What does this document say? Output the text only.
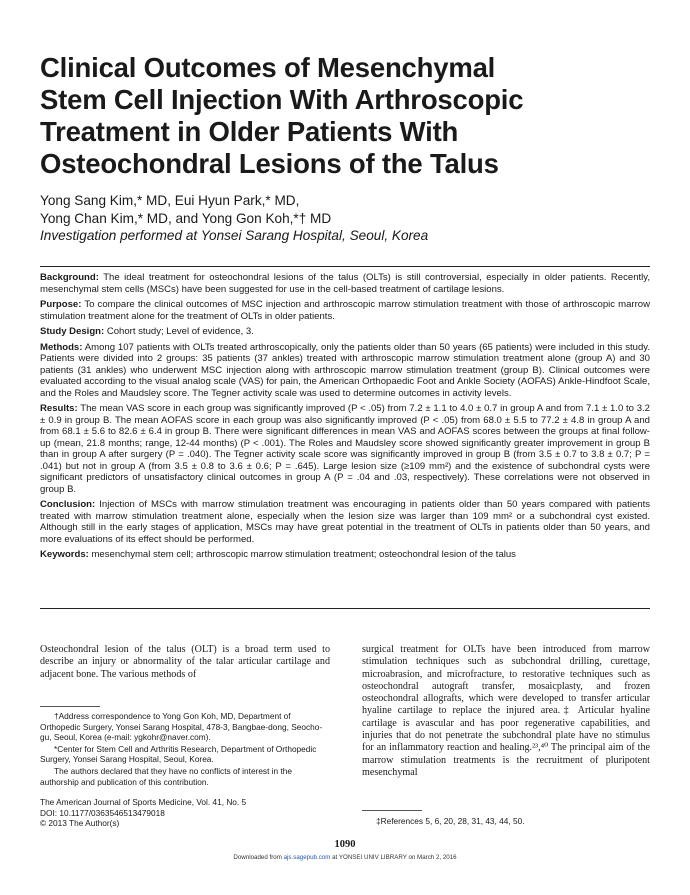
Clinical Outcomes of Mesenchymal
Stem Cell Injection With Arthroscopic
Treatment in Older Patients With
Osteochondral Lesions of the Talus
Yong Sang Kim,* MD, Eui Hyun Park,* MD,
Yong Chan Kim,* MD, and Yong Gon Koh,*† MD
Investigation performed at Yonsei Sarang Hospital, Seoul, Korea

Background: The ideal treatment for osteochondral lesions of the talus (OLTs) is still controversial, especially in older patients. Recently, mesenchymal stem cells (MSCs) have been suggested for use in the cell-based treatment of cartilage lesions.

Purpose: To compare the clinical outcomes of MSC injection and arthroscopic marrow stimulation treatment with those of arthroscopic marrow stimulation treatment alone for the treatment of OLTs in older patients.

Study Design: Cohort study; Level of evidence, 3.

Methods: Among 107 patients with OLTs treated arthroscopically, only the patients older than 50 years (65 patients) were included in this study. Patients were divided into 2 groups: 35 patients (37 ankles) treated with arthroscopic marrow stimulation treatment alone (group A) and 30 patients (31 ankles) who underwent MSC injection along with arthroscopic marrow stimulation treatment (group B). Clinical outcomes were evaluated according to the visual analog scale (VAS) for pain, the American Orthopaedic Foot and Ankle Society (AOFAS) Ankle-Hindfoot Scale, and the Roles and Maudsley score. The Tegner activity scale was used to determine outcomes in activity levels.

Results: The mean VAS score in each group was significantly improved (P < .05) from 7.2 ± 1.1 to 4.0 ± 0.7 in group A and from 7.1 ± 1.0 to 3.2 ± 0.9 in group B. The mean AOFAS score in each group was also significantly improved (P < .05) from 68.0 ± 5.5 to 77.2 ± 4.8 in group A and from 68.1 ± 5.6 to 82.6 ± 6.4 in group B. There were significant differences in mean VAS and AOFAS scores between the groups at final follow-up (mean, 21.8 months; range, 12-44 months) (P < .001). The Roles and Maudsley score showed significantly greater improvement in group B than in group A after surgery (P = .040). The Tegner activity scale score was significantly improved in group B (from 3.5 ± 0.7 to 3.8 ± 0.7; P = .041) but not in group A (from 3.5 ± 0.8 to 3.6 ± 0.6; P = .645). Large lesion size (≥109 mm²) and the existence of subchondral cysts were significant predictors of unsatisfactory clinical outcomes in group A (P = .04 and .03, respectively). These correlations were not observed in group B.

Conclusion: Injection of MSCs with marrow stimulation treatment was encouraging in patients older than 50 years compared with patients treated with marrow stimulation treatment alone, especially when the lesion size was larger than 109 mm² or a subchondral cyst existed. Although still in the early stages of application, MSCs may have great potential in the treatment of OLTs in patients older than 50 years, and more evaluations of its effect should be performed.

Keywords: mesenchymal stem cell; arthroscopic marrow stimulation treatment; osteochondral lesion of the talus

Osteochondral lesion of the talus (OLT) is a broad term used to describe an injury or abnormality of the talar articular cartilage and adjacent bone. The various methods of

surgical treatment for OLTs have been introduced from marrow stimulation techniques such as subchondral drilling, curettage, microabrasion, and microfracture, to restorative techniques such as osteochondral autograft transfer, mosaicplasty, and frozen osteochondral allografts, which were developed to transfer articular hyaline cartilage to replace the injured area.‡ Articular hyaline cartilage is avascular and has poor regenerative capabilities, and injuries that do not penetrate the subchondral plate have no stimulus for an inflammatory reaction and healing.²³,⁴⁰ The principal aim of the marrow stimulation treatments is the recruitment of pluripotent mesenchymal

†Address correspondence to Yong Gon Koh, MD, Department of Orthopedic Surgery, Yonsei Sarang Hospital, 478-3, Bangbae-dong, Seocho-gu, Seoul, Korea (e-mail: ygkohr@naver.com).

*Center for Stem Cell and Arthritis Research, Department of Orthopedic Surgery, Yonsei Sarang Hospital, Seoul, Korea.

The authors declared that they have no conflicts of interest in the authorship and publication of this contribution.

The American Journal of Sports Medicine, Vol. 41, No. 5
DOI: 10.1177/0363546513479018
© 2013 The Author(s)	‡References 5, 6, 20, 28, 31, 43, 44, 50.
1090
Downloaded from ajs.sagepub.com at YONSEI UNIV LIBRARY on March 2, 2016
